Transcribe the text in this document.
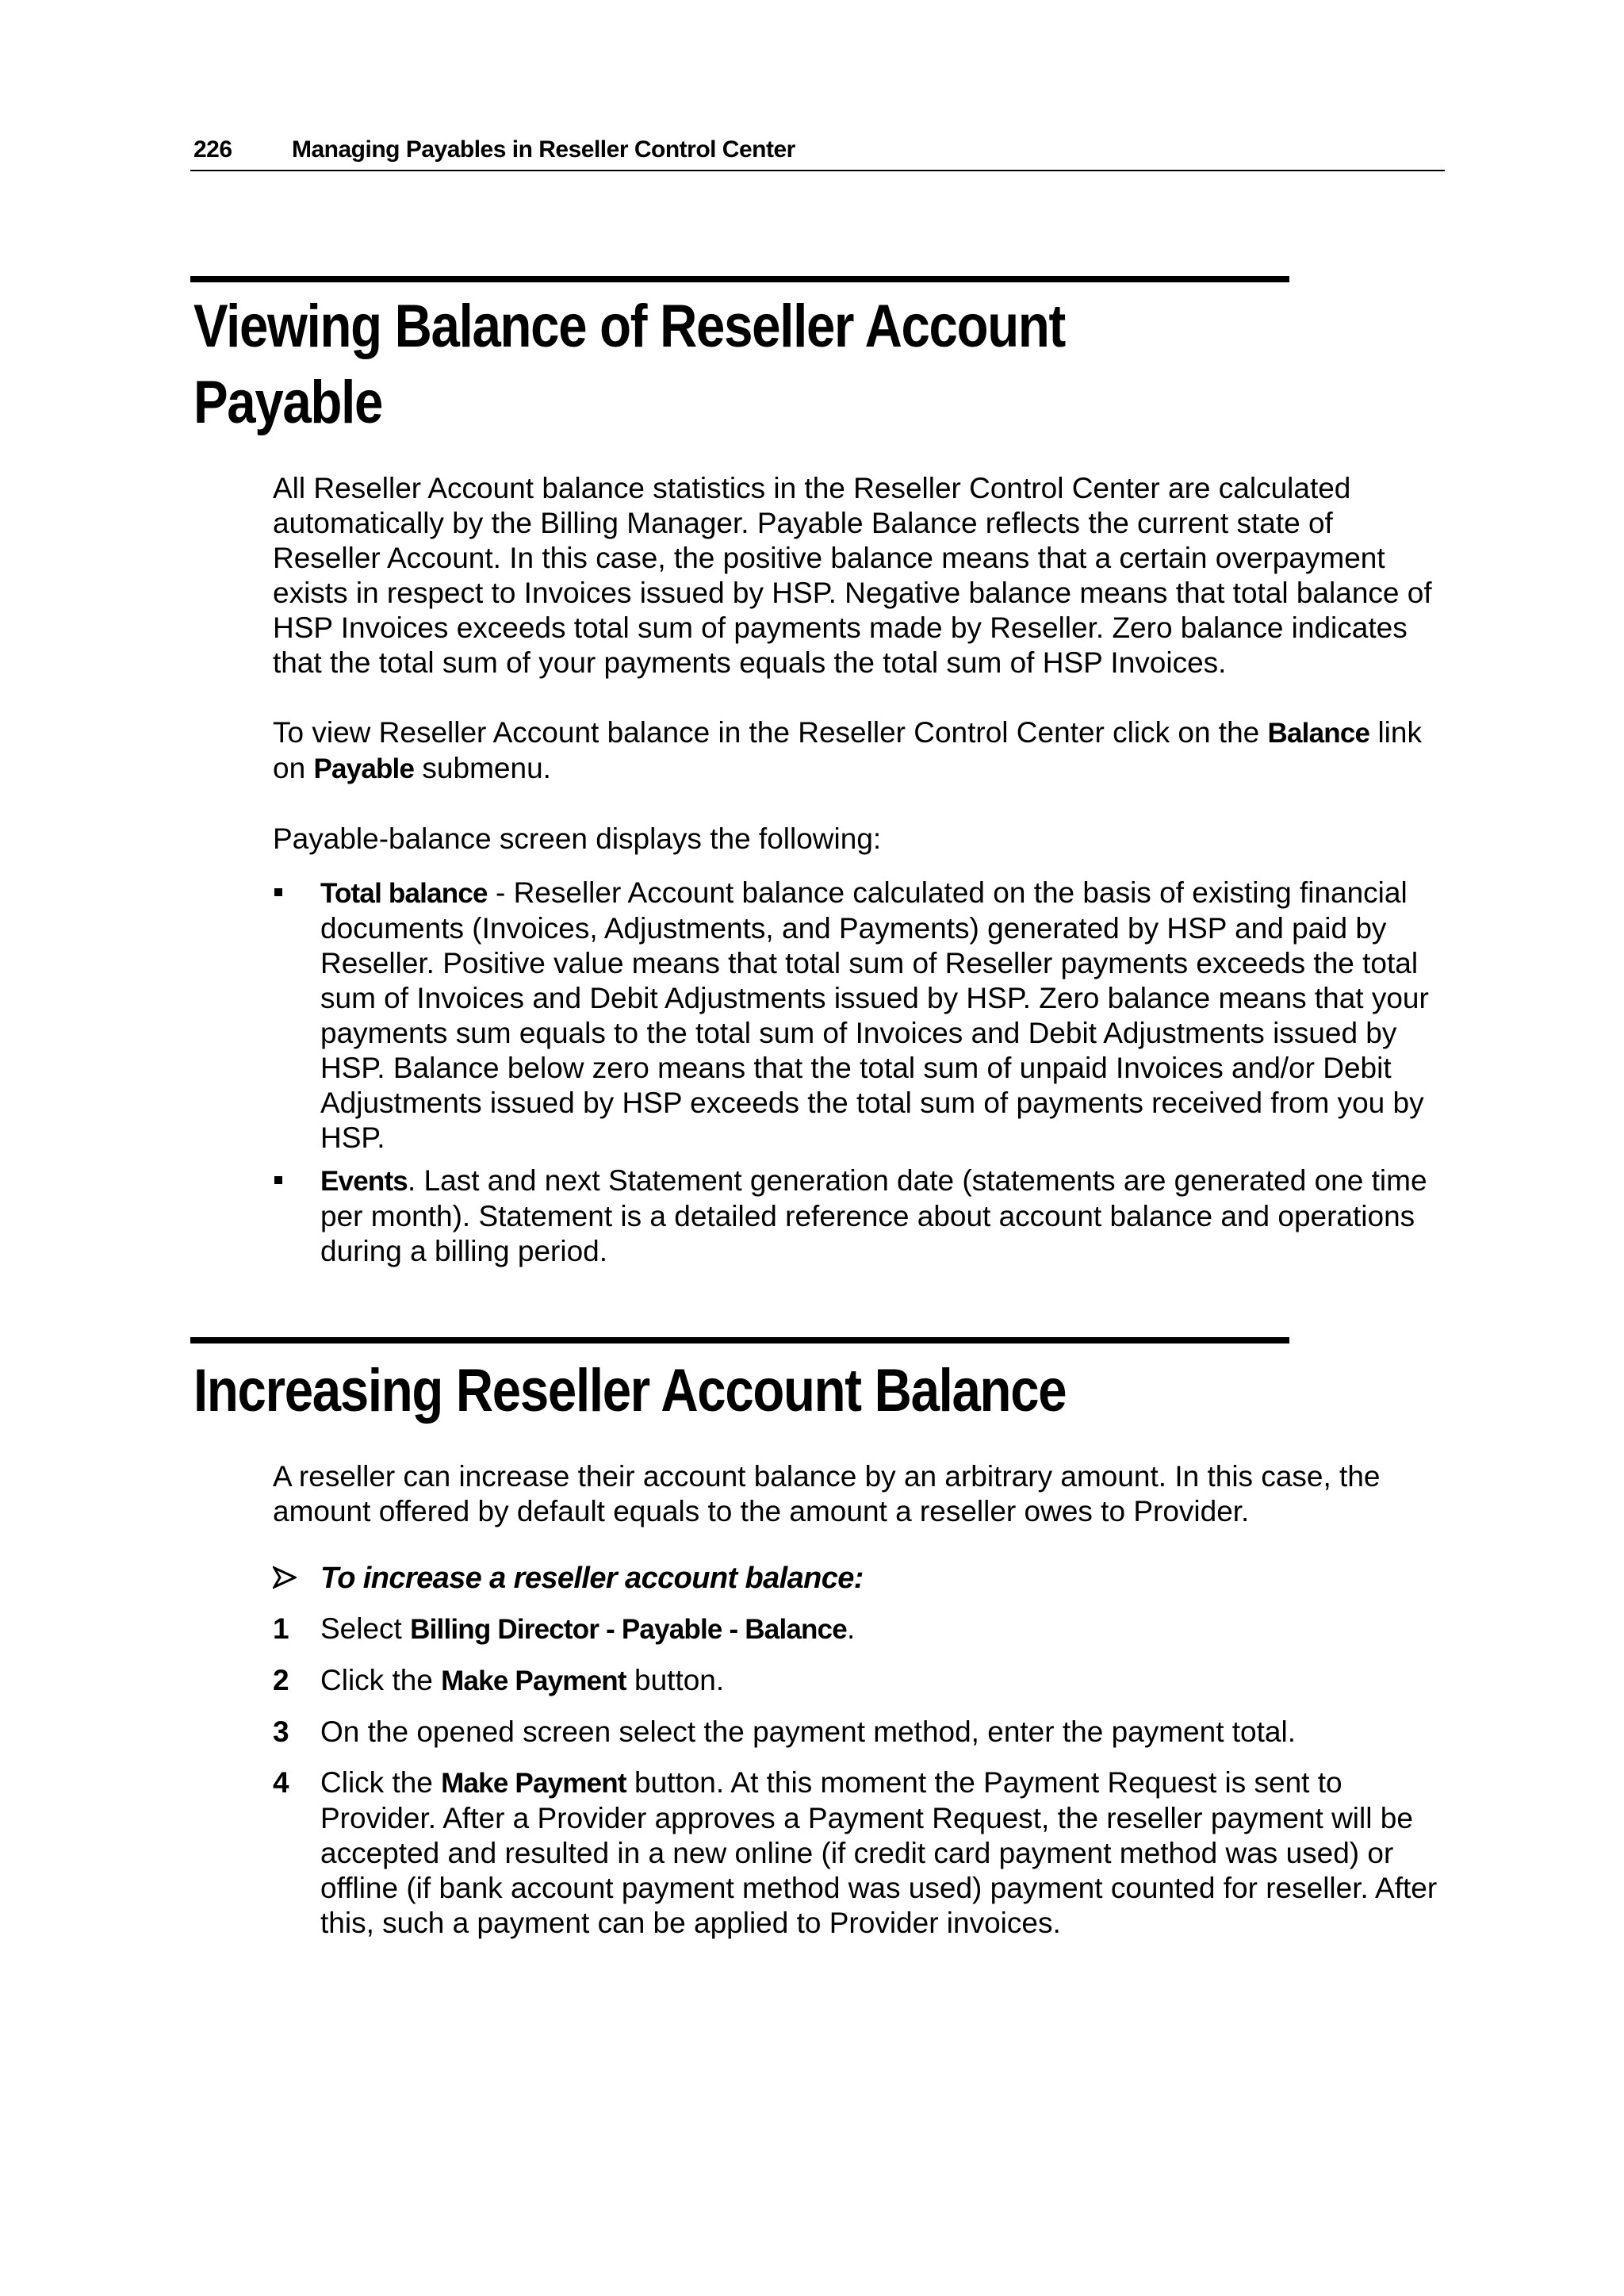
226	Managing Payables in Reseller Control Center
Viewing Balance of Reseller Account
Payable

All Reseller Account balance statistics in the Reseller Control Center are calculated automatically by the Billing Manager. Payable Balance reflects the current state of Reseller Account. In this case, the positive balance means that a certain overpayment exists in respect to Invoices issued by HSP. Negative balance means that total balance of HSP Invoices exceeds total sum of payments made by Reseller. Zero balance indicates that the total sum of your payments equals the total sum of HSP Invoices.

To view Reseller Account balance in the Reseller Control Center click on the Balance link on Payable submenu.

Payable-balance screen displays the following:

Total balance - Reseller Account balance calculated on the basis of existing financial documents (Invoices, Adjustments, and Payments) generated by HSP and paid by Reseller. Positive value means that total sum of Reseller payments exceeds the total sum of Invoices and Debit Adjustments issued by HSP. Zero balance means that your payments sum equals to the total sum of Invoices and Debit Adjustments issued by HSP. Balance below zero means that the total sum of unpaid Invoices and/or Debit Adjustments issued by HSP exceeds the total sum of payments received from you by HSP.
Events. Last and next Statement generation date (statements are generated one time per month). Statement is a detailed reference about account balance and operations during a billing period.
Increasing Reseller Account Balance

A reseller can increase their account balance by an arbitrary amount. In this case, the amount offered by default equals to the amount a reseller owes to Provider.

To increase a reseller account balance:
1 Select Billing Director - Payable - Balance.
2 Click the Make Payment button.
3 On the opened screen select the payment method, enter the payment total.
4 Click the Make Payment button. At this moment the Payment Request is sent to Provider. After a Provider approves a Payment Request, the reseller payment will be accepted and resulted in a new online (if credit card payment method was used) or offline (if bank account payment method was used) payment counted for reseller. After this, such a payment can be applied to Provider invoices.
